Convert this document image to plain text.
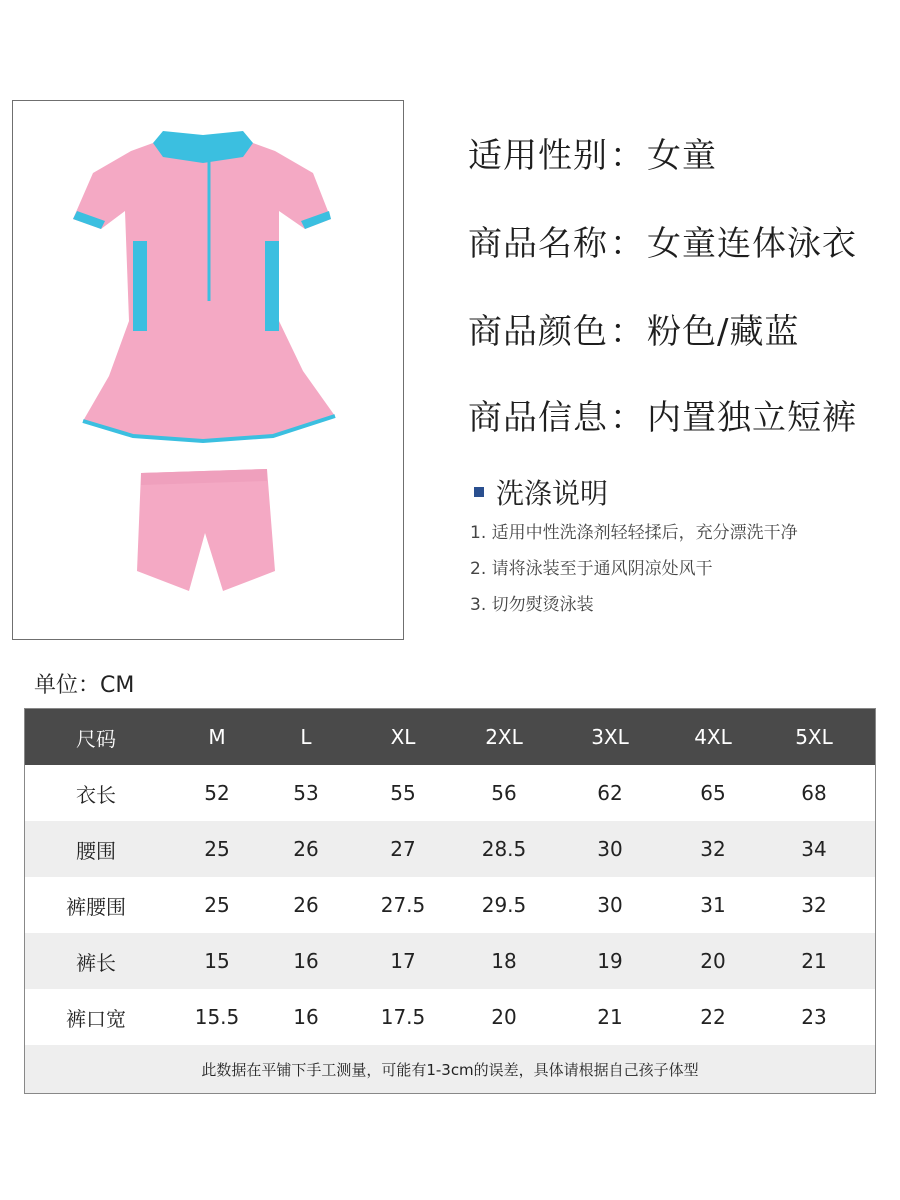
适用性别：女童
商品名称：女童连体泳衣
商品颜色：粉色/藏蓝
商品信息：内置独立短裤
洗涤说明
1. 适用中性洗涤剂轻轻揉后，充分漂洗干净
2. 请将泳装至于通风阴凉处风干
3. 切勿熨烫泳装
单位：CM
尺码	M	L	XL	2XL	3XL	4XL	5XL
衣长	52	53	55	56	62	65	68
腰围	25	26	27	28.5	30	32	34
裤腰围	25	26	27.5	29.5	30	31	32
裤长	15	16	17	18	19	20	21
裤口宽	15.5	16	17.5	20	21	22	23
此数据在平铺下手工测量，可能有1-3cm的误差，具体请根据自己孩子体型
